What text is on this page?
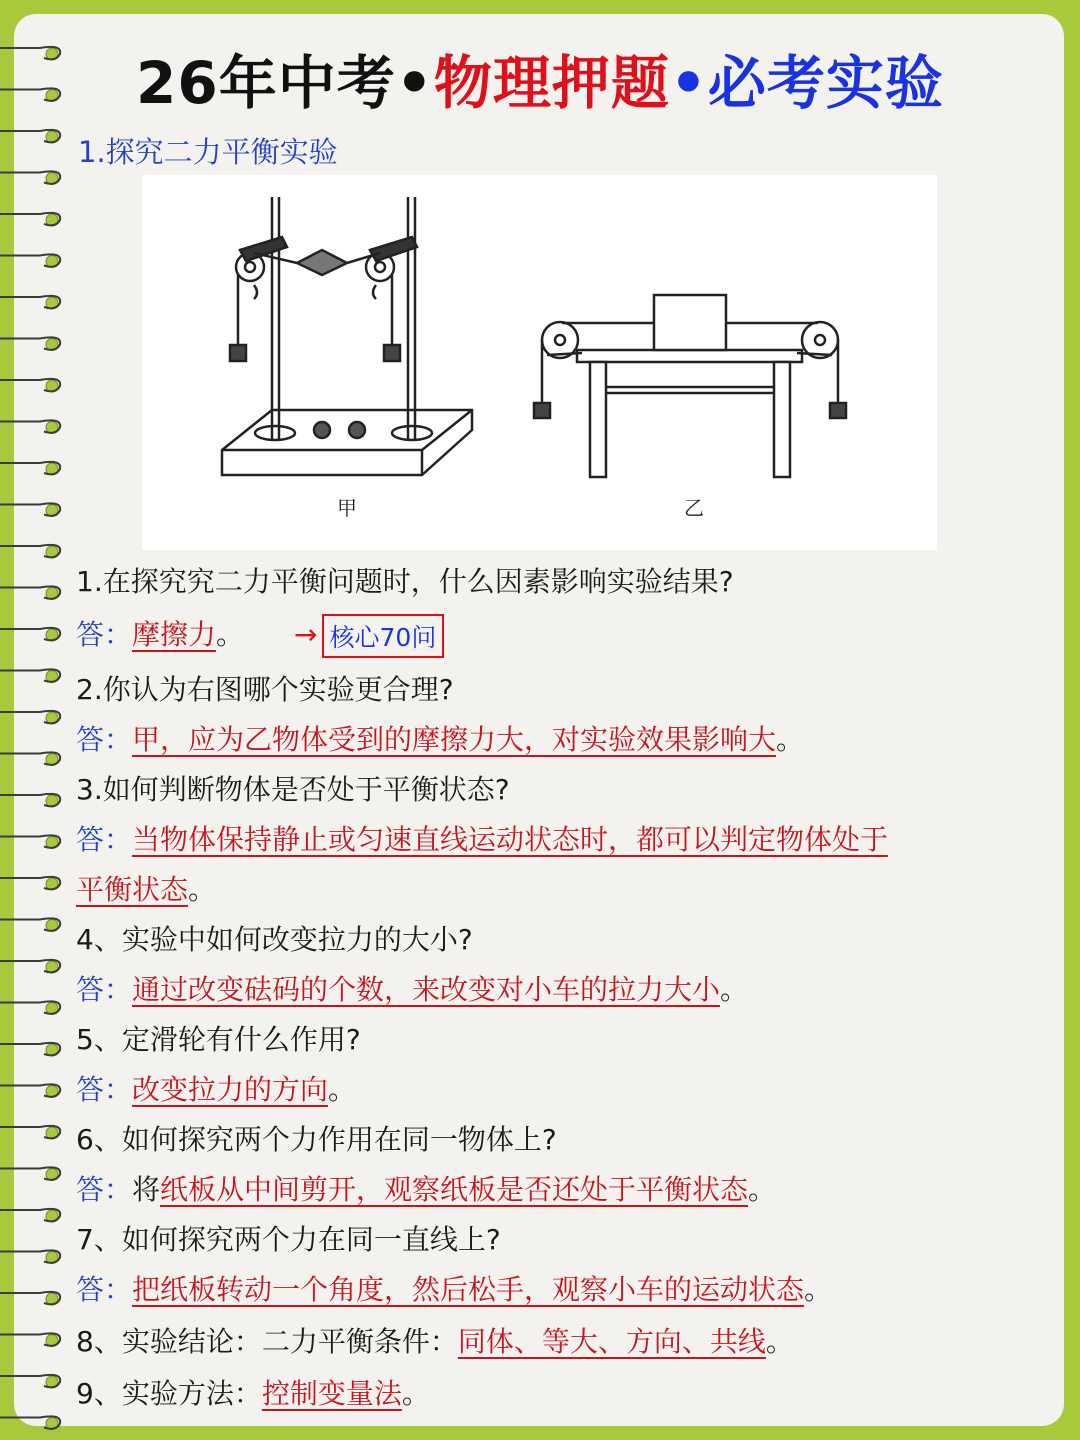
26年中考•物理押题•必考实验
1.探究二力平衡实验
甲	乙
1.在探究究二力平衡问题时，什么因素影响实验结果?
答：摩擦力。 → 核心70问
2.你认为右图哪个实验更合理?
答：甲，应为乙物体受到的摩擦力大，对实验效果影响大。
3.如何判断物体是否处于平衡状态?
答：当物体保持静止或匀速直线运动状态时，都可以判定物体处于
平衡状态。
4、实验中如何改变拉力的大小?
答：通过改变砝码的个数，来改变对小车的拉力大小。
5、定滑轮有什么作用?
答：改变拉力的方向。
6、如何探究两个力作用在同一物体上?
答：将纸板从中间剪开，观察纸板是否还处于平衡状态。
7、如何探究两个力在同一直线上?
答：把纸板转动一个角度，然后松手，观察小车的运动状态。
8、实验结论：二力平衡条件：同体、等大、方向、共线。
9、实验方法：控制变量法。
